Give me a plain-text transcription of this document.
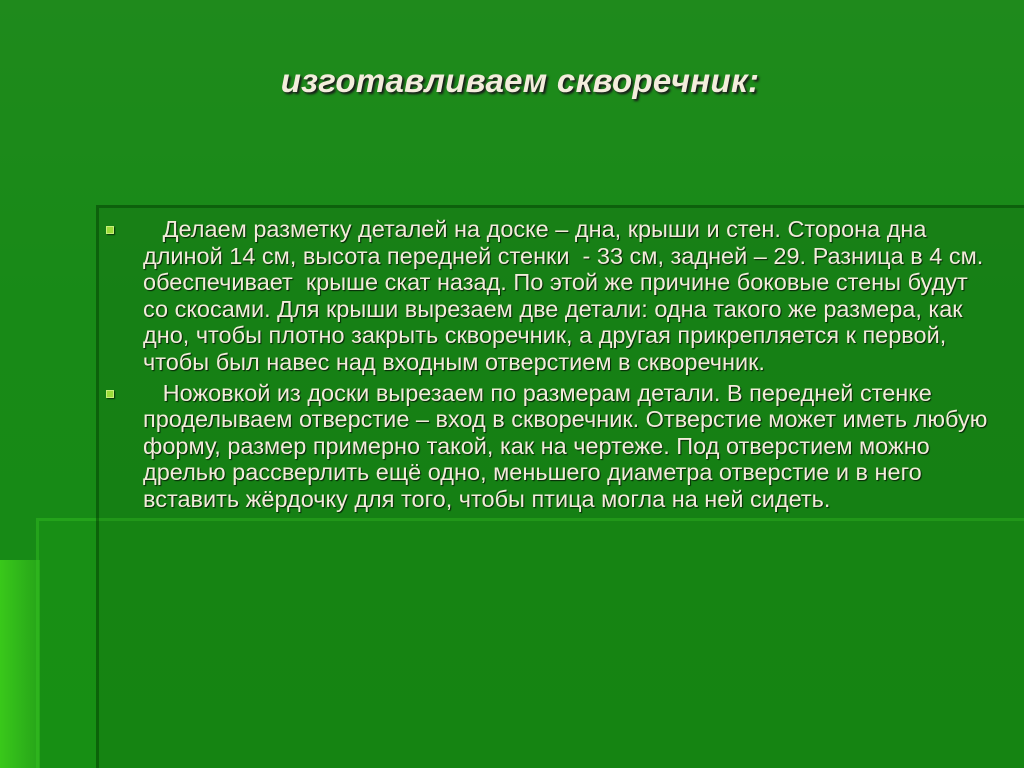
изготавливаем скворечник:
Делаем разметку деталей на доске – дна, крыши и стен. Сторона дна длиной 14 см, высота передней стенки  - 33 см, задней – 29. Разница в 4 см. обеспечивает  крыше скат назад. По этой же причине боковые стены будут со скосами. Для крыши вырезаем две детали: одна такого же размера, как дно, чтобы плотно закрыть скворечник, а другая прикрепляется к первой, чтобы был навес над входным отверстием в скворечник.
Ножовкой из доски вырезаем по размерам детали. В передней стенке проделываем отверстие – вход в скворечник. Отверстие может иметь любую форму, размер примерно такой, как на чертеже. Под отверстием можно дрелью рассверлить ещё одно, меньшего диаметра отверстие и в него вставить жёрдочку для того, чтобы птица могла на ней сидеть.
